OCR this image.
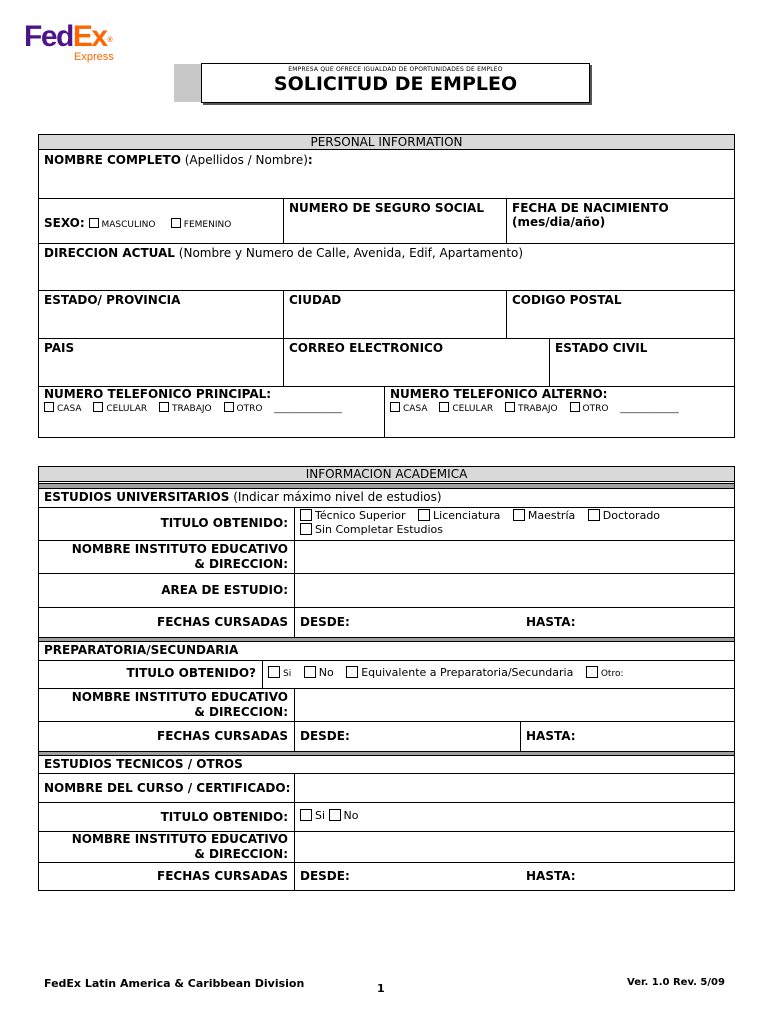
FedEx®
Express
EMPRESA QUE OFRECE IGUALDAD DE OPORTUNIDADES DE EMPLEO
SOLICITUD DE EMPLEO
PERSONAL INFORMATION
NOMBRE COMPLETO (Apellidos / Nombre):
SEXO: MASCULINO	FEMENINO
NUMERO DE SEGURO SOCIAL	FECHA DE NACIMIENTO
(mes/dia/año)
DIRECCION ACTUAL (Nombre y Numero de Calle, Avenida, Edif, Apartamento)
ESTADO/ PROVINCIA	CIUDAD	CODIGO POSTAL
PAIS	CORREO ELECTRONICO	ESTADO CIVIL
NUMERO TELEFONICO PRINCIPAL:
CASA	CELULAR	TRABAJO	OTRO _______________
NUMERO TELEFONICO ALTERNO:
CASA	CELULAR	TRABAJO	OTRO _____________
INFORMACION ACADEMICA
ESTUDIOS UNIVERSITARIOS (Indicar máximo nivel de estudios)
TITULO OBTENIDO:
Técnico Superior	Licenciatura	Maestría	Doctorado
Sin Completar Estudios
NOMBRE INSTITUTO EDUCATIVO
& DIRECCION:
AREA DE ESTUDIO:
FECHAS CURSADAS	DESDE:	HASTA:
PREPARATORIA/SECUNDARIA
TITULO OBTENIDO?	Si	No	Equivalente a Preparatoria/Secundaria	Otro:
NOMBRE INSTITUTO EDUCATIVO
& DIRECCION:
FECHAS CURSADAS	DESDE:	HASTA:
ESTUDIOS TECNICOS / OTROS
NOMBRE DEL CURSO / CERTIFICADO:
TITULO OBTENIDO:	Si No
NOMBRE INSTITUTO EDUCATIVO
& DIRECCION:
FECHAS CURSADAS	DESDE:	HASTA:
FedEx Latin America & Caribbean Division	1	Ver. 1.0 Rev. 5/09
